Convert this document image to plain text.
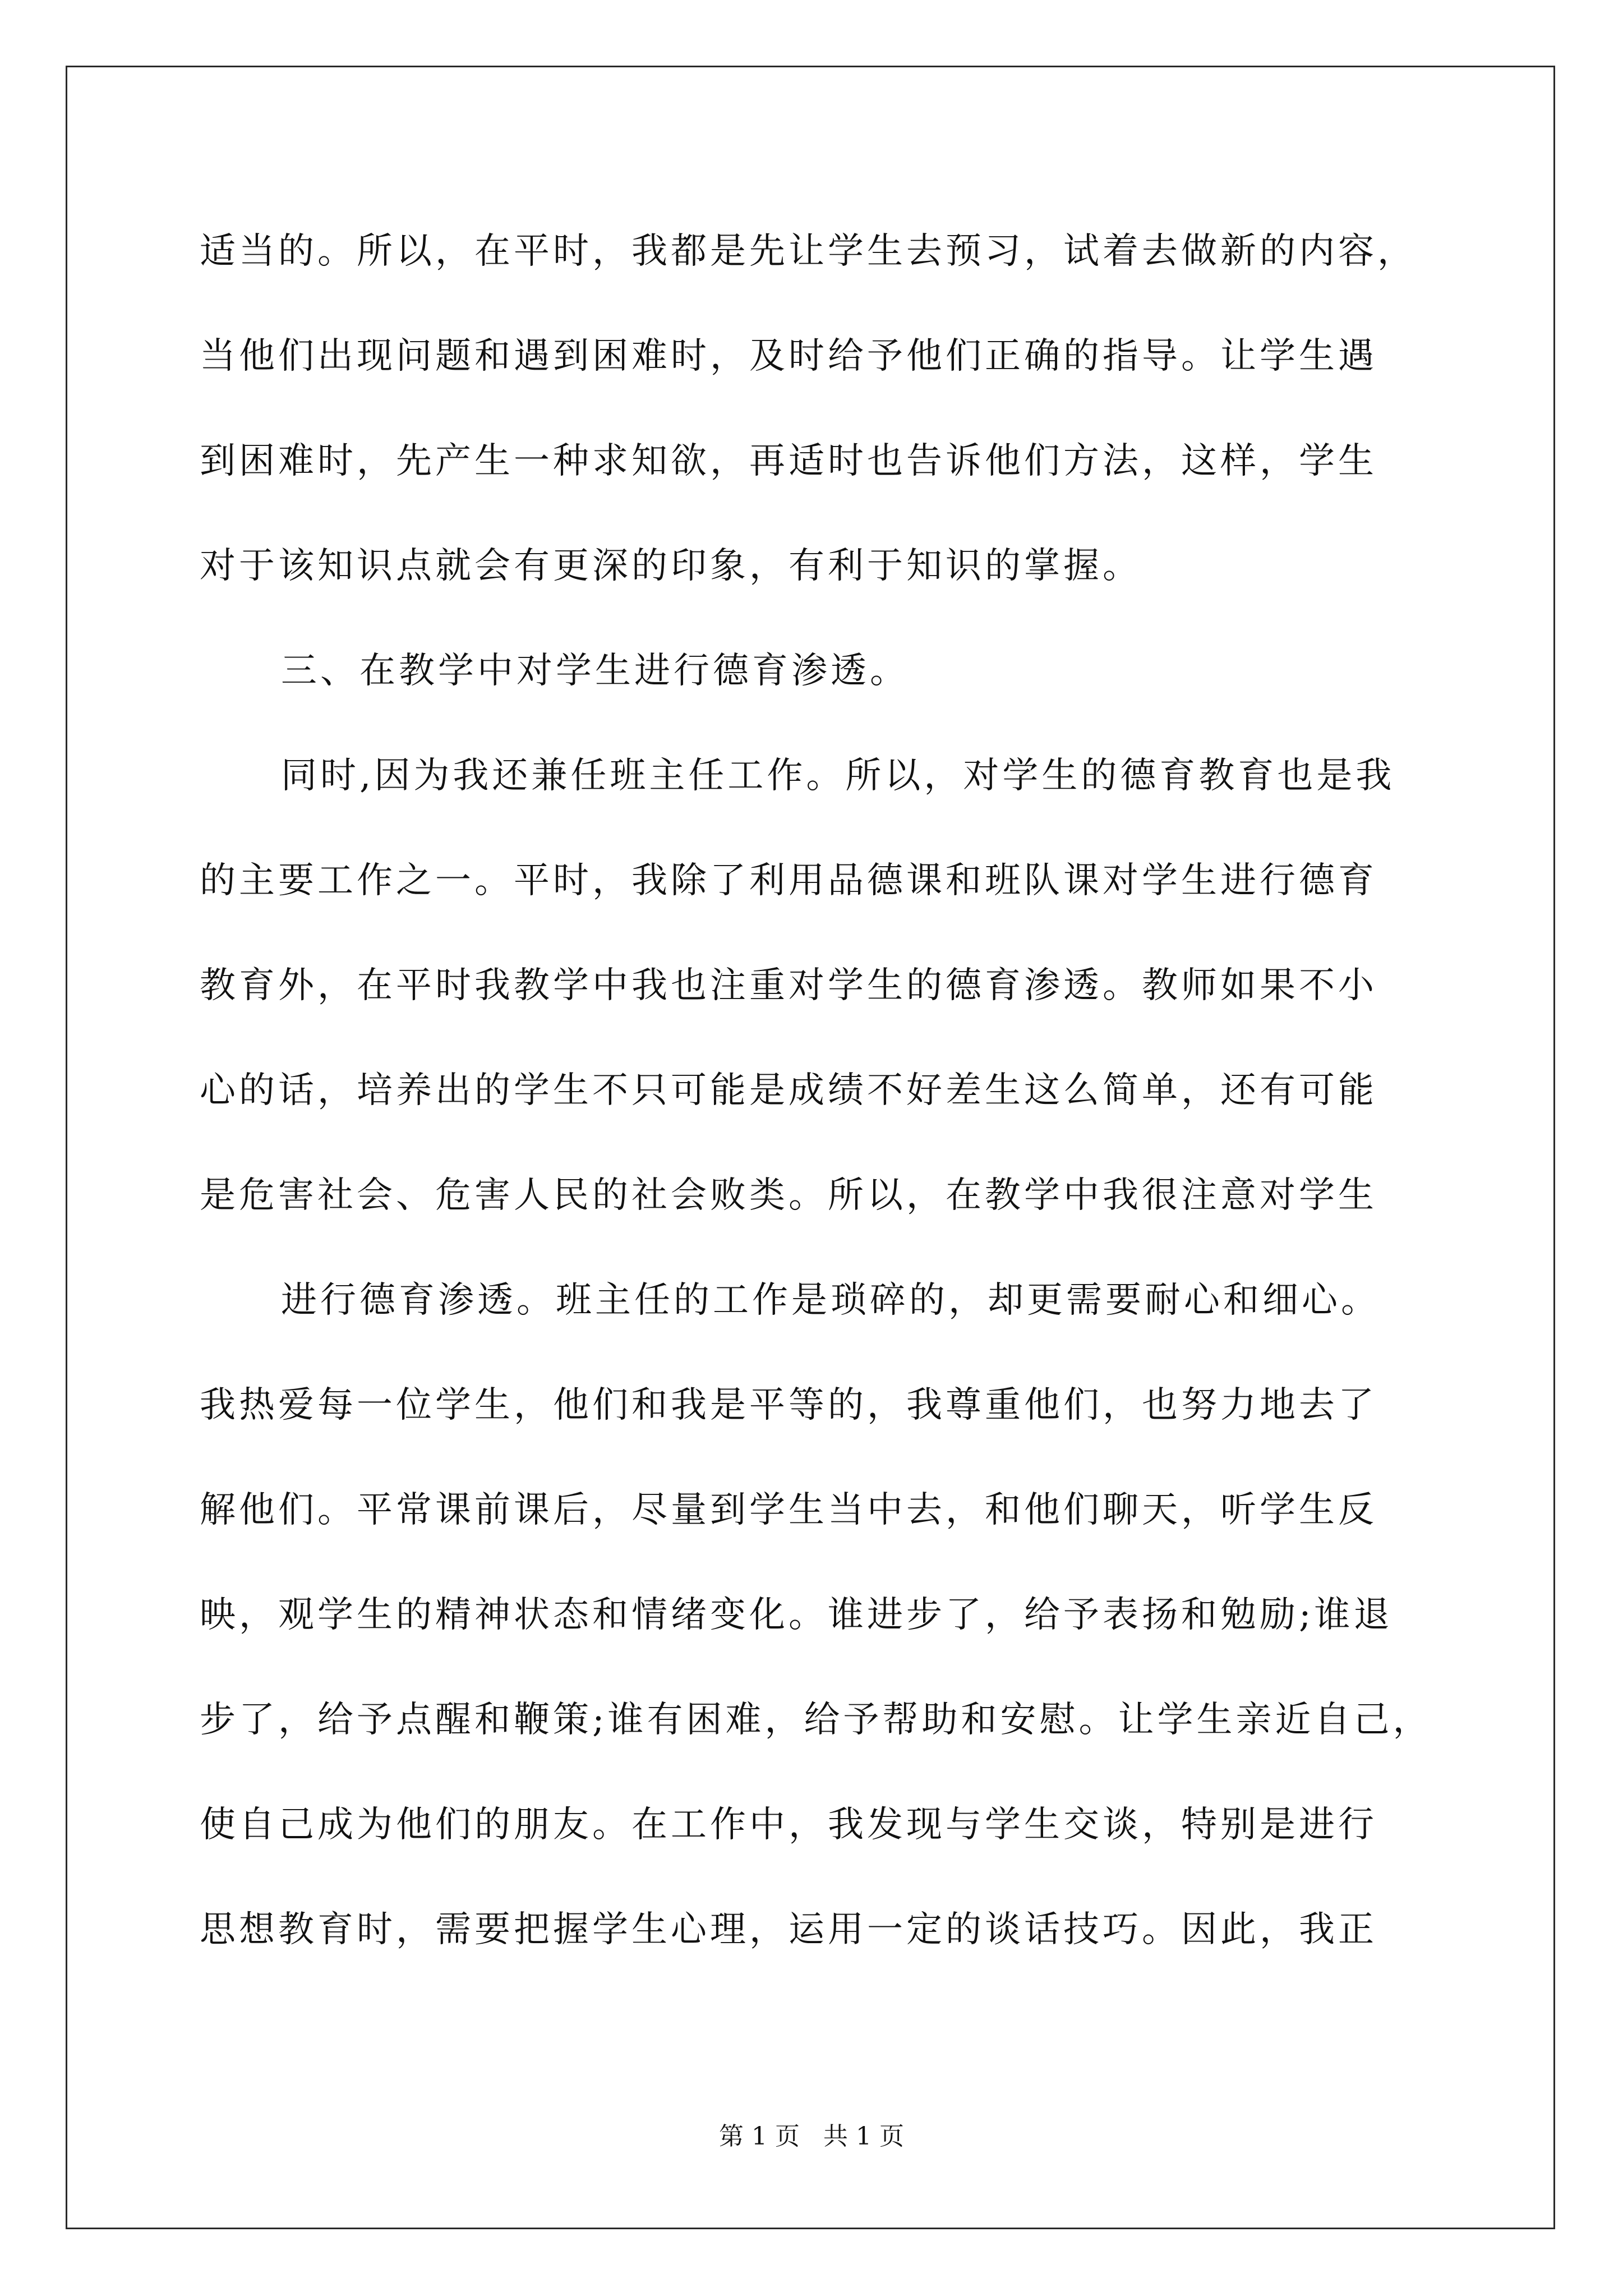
适当的。所以，在平时，我都是先让学生去预习，试着去做新的内容，
当他们出现问题和遇到困难时，及时给予他们正确的指导。让学生遇
到困难时，先产生一种求知欲，再适时也告诉他们方法，这样，学生
对于该知识点就会有更深的印象，有利于知识的掌握。
三、在教学中对学生进行德育渗透。
同时,因为我还兼任班主任工作。所以，对学生的德育教育也是我
的主要工作之一。平时，我除了利用品德课和班队课对学生进行德育
教育外，在平时我教学中我也注重对学生的德育渗透。教师如果不小
心的话，培养出的学生不只可能是成绩不好差生这么简单，还有可能
是危害社会、危害人民的社会败类。所以，在教学中我很注意对学生
进行德育渗透。班主任的工作是琐碎的，却更需要耐心和细心。
我热爱每一位学生，他们和我是平等的，我尊重他们，也努力地去了
解他们。平常课前课后，尽量到学生当中去，和他们聊天，听学生反
映，观学生的精神状态和情绪变化。谁进步了，给予表扬和勉励;谁退
步了，给予点醒和鞭策;谁有困难，给予帮助和安慰。让学生亲近自己，
使自己成为他们的朋友。在工作中，我发现与学生交谈，特别是进行
思想教育时，需要把握学生心理，运用一定的谈话技巧。因此，我正
第 1 页   共 1 页
